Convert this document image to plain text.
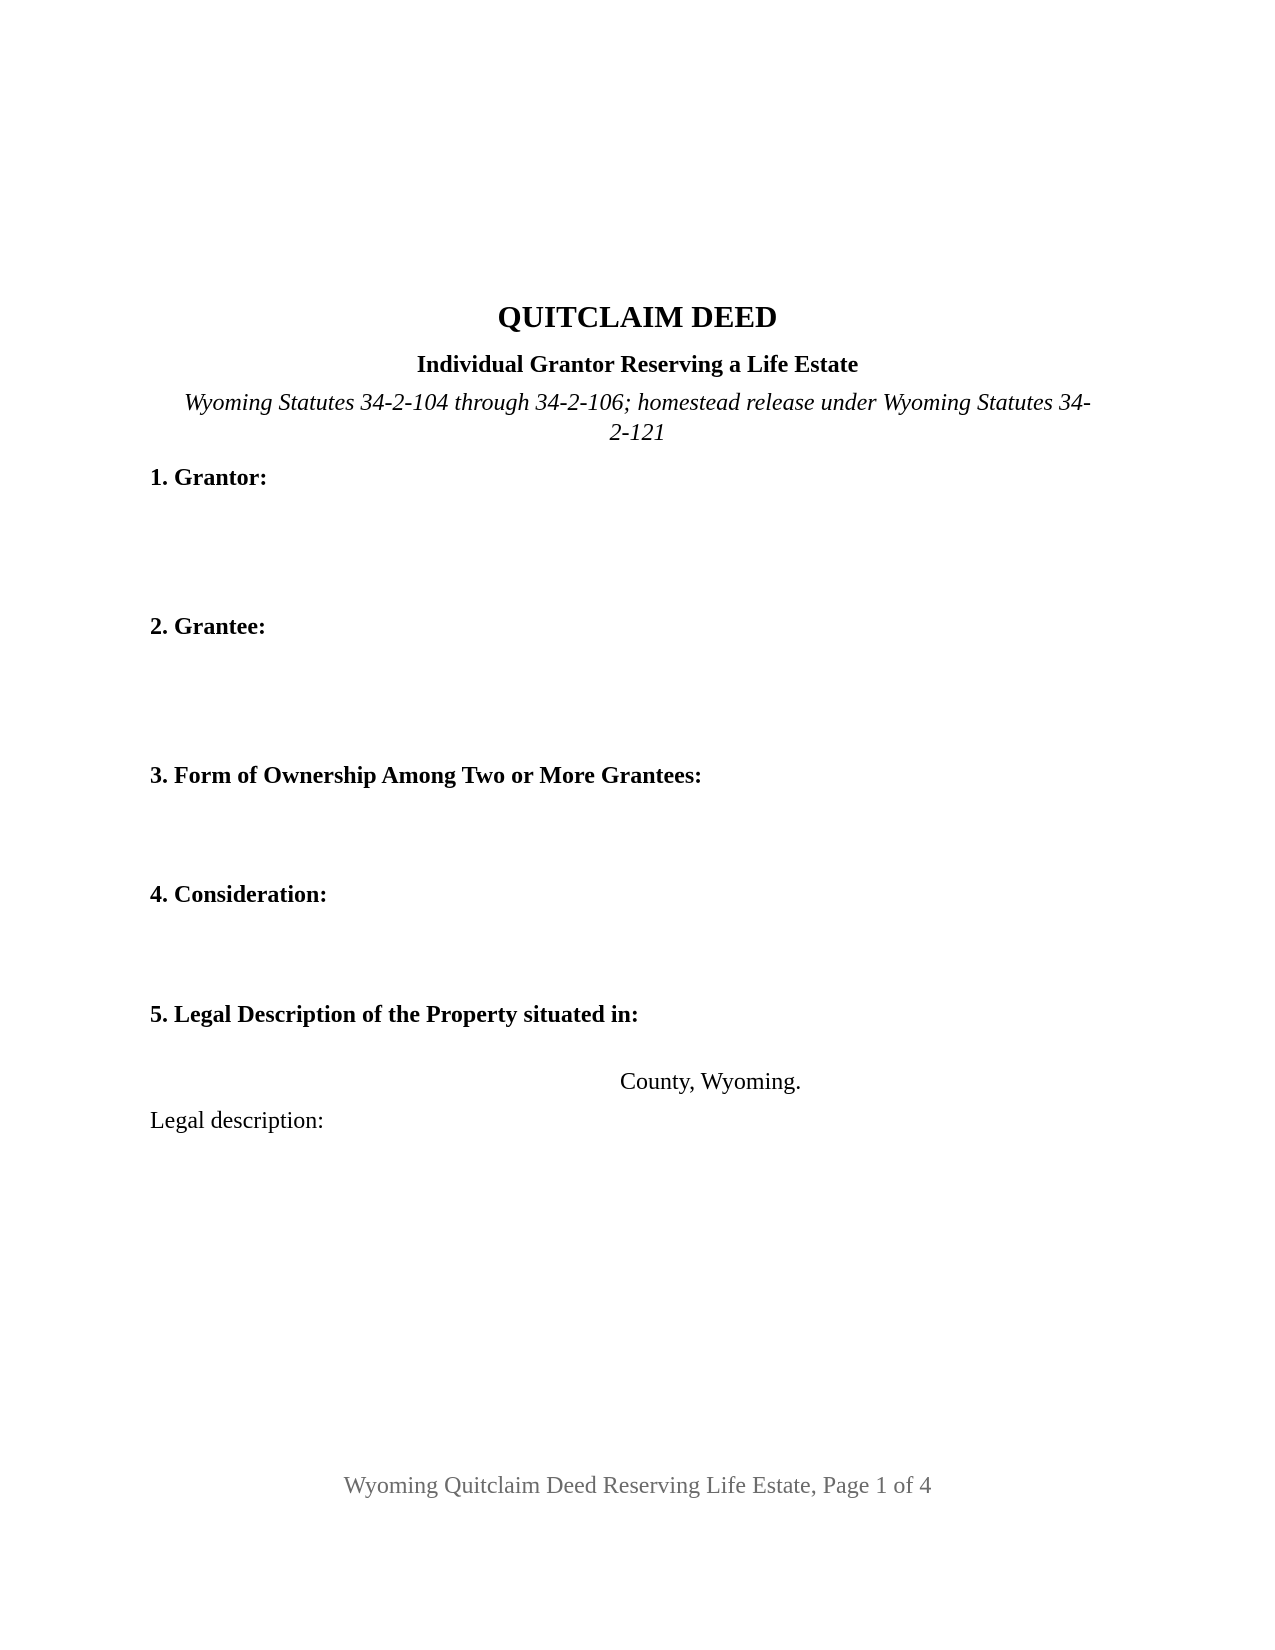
QUITCLAIM DEED
Individual Grantor Reserving a Life Estate
Wyoming Statutes 34-2-104 through 34-2-106; homestead release under Wyoming Statutes 34-2-121
1. Grantor:
2. Grantee:
3. Form of Ownership Among Two or More Grantees:
4. Consideration:
5. Legal Description of the Property situated in:
County, Wyoming.
Legal description:
Wyoming Quitclaim Deed Reserving Life Estate, Page 1 of 4
